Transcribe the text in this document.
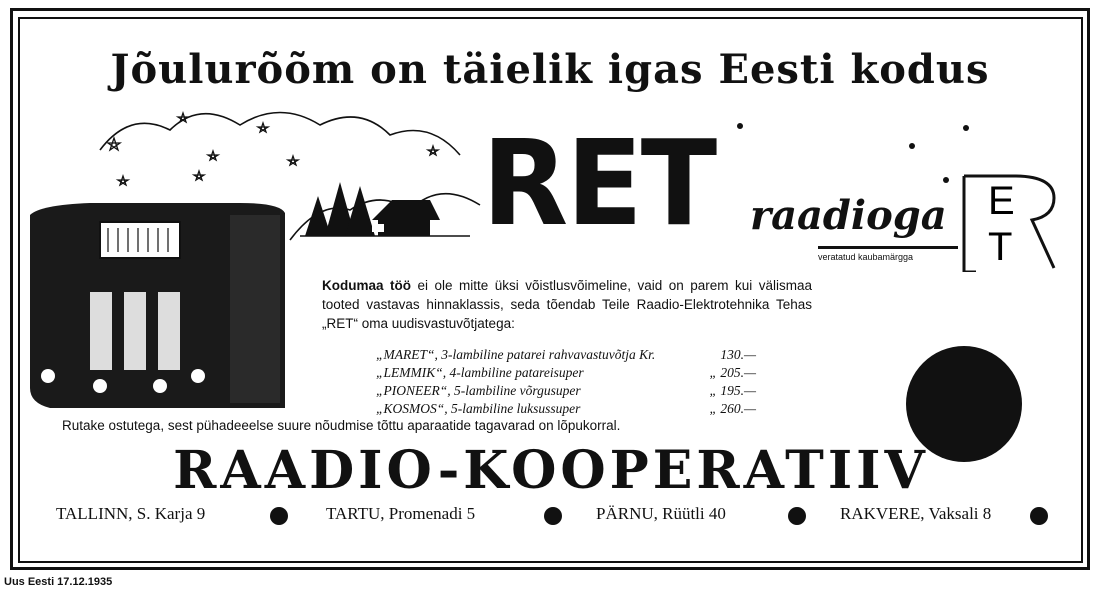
Jõulurõõm on täielik igas Eesti kodus
RET raadioga
veratatud kaubamärgga
E
T

Kodumaa töö ei ole mitte üksi võistlusvõimeline, vaid on parem kui välismaa tooted vastavas hinnaklassis, seda tõendab Teile Raadio-Elektrotehnika Tehas „RET“ oma uudisvastuvõtjatega:

„MARET“, 3-lambiline patarei rahvavastuvõtja Kr.	130.—
„LEMMIK“, 4-lambiline patareisuper	„ 205.—
„PIONEER“, 5-lambiline võrgusuper	„ 195.—
„KOSMOS“, 5-lambiline luksussuper	„ 260.—
Rutake ostutega, sest pühadeeelse suure nõudmise tõttu aparaatide tagavarad on lõpukorral.
RAADIO-KOOPERATIIV
TALLINN, S. Karja 9	TARTU, Promenadi 5	PÄRNU, Rüütli 40	RAKVERE, Vaksali 8
Uus Eesti 17.12.1935
